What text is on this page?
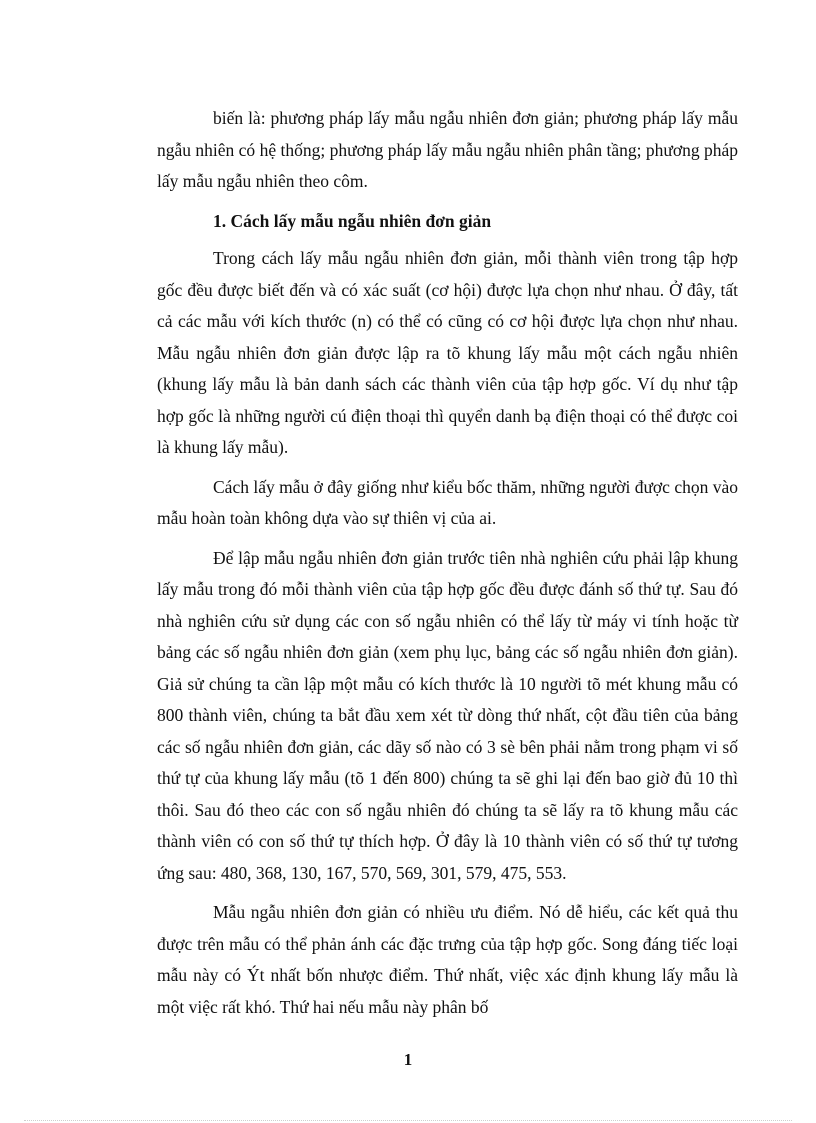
biến là: phương pháp lấy mẫu ngẫu nhiên đơn giản; phương pháp lấy mẫu ngẫu nhiên có hệ thống; phương pháp lấy mẫu ngẫu nhiên phân tầng; phương pháp lấy mẫu ngẫu nhiên theo côm.

1. Cách lấy mẫu ngẫu nhiên đơn giản

Trong cách lấy mẫu ngẫu nhiên đơn giản, mỗi thành viên trong tập hợp gốc đều được biết đến và có xác suất (cơ hội) được lựa chọn như nhau. Ở đây, tất cả các mẫu với kích thước (n) có thể có cũng có cơ hội được lựa chọn như nhau. Mẫu ngẫu nhiên đơn giản được lập ra tõ khung lấy mẫu một cách ngẫu nhiên (khung lấy mẫu là bản danh sách các thành viên của tập hợp gốc. Ví dụ như tập hợp gốc là những người cú điện thoại thì quyển danh bạ điện thoại có thể được coi là khung lấy mẫu).

Cách lấy mẫu ở đây giống như kiểu bốc thăm, những người được chọn vào mẫu hoàn toàn không dựa vào sự thiên vị của ai.

Để lập mẫu ngẫu nhiên đơn giản trước tiên nhà nghiên cứu phải lập khung lấy mẫu trong đó mỗi thành viên của tập hợp gốc đều được đánh số thứ tự. Sau đó nhà nghiên cứu sử dụng các con số ngẫu nhiên có thể lấy từ máy vi tính hoặc từ bảng các số ngẫu nhiên đơn giản (xem phụ lục, bảng các số ngẫu nhiên đơn giản). Giả sử chúng ta cần lập một mẫu có kích thước là 10 người tõ mét khung mẫu có 800 thành viên, chúng ta bắt đầu xem xét từ dòng thứ nhất, cột đầu tiên của bảng các số ngẫu nhiên đơn giản, các dãy số nào có 3 sè bên phải nằm trong phạm vi số thứ tự của khung lấy mẫu (tõ 1 đến 800) chúng ta sẽ ghi lại đến bao giờ đủ 10 thì thôi. Sau đó theo các con số ngẫu nhiên đó chúng ta sẽ lấy ra tõ khung mẫu các thành viên có con số thứ tự thích hợp. Ở đây là 10 thành viên có số thứ tự tương ứng sau: 480, 368, 130, 167, 570, 569, 301, 579, 475, 553.

Mẫu ngẫu nhiên đơn giản có nhiều ưu điểm. Nó dễ hiểu, các kết quả thu được trên mẫu có thể phản ánh các đặc trưng của tập hợp gốc. Song đáng tiếc loại mẫu này có Ýt nhất bốn nhược điểm. Thứ nhất, việc xác định khung lấy mẫu là một việc rất khó. Thứ hai nếu mẫu này phân bố

1
